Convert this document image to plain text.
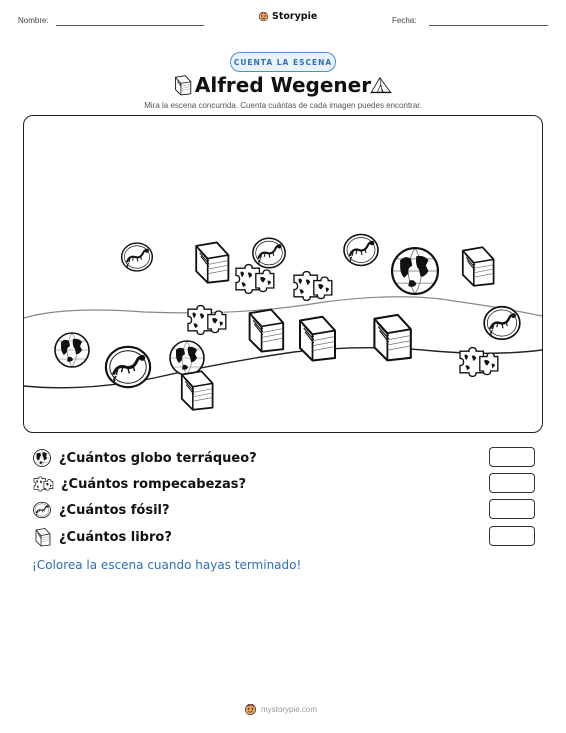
Nombre:	Storypie	Fecha:
CUENTA LA ESCENA
Alfred Wegener
Mira la escena concurrida. Cuenta cuántas de cada imagen puedes encontrar.
¿Cuántos globo terráqueo?
¿Cuántos rompecabezas?
¿Cuántos fósil?
¿Cuántos libro?
¡Colorea la escena cuando hayas terminado!
mystorypie.com
